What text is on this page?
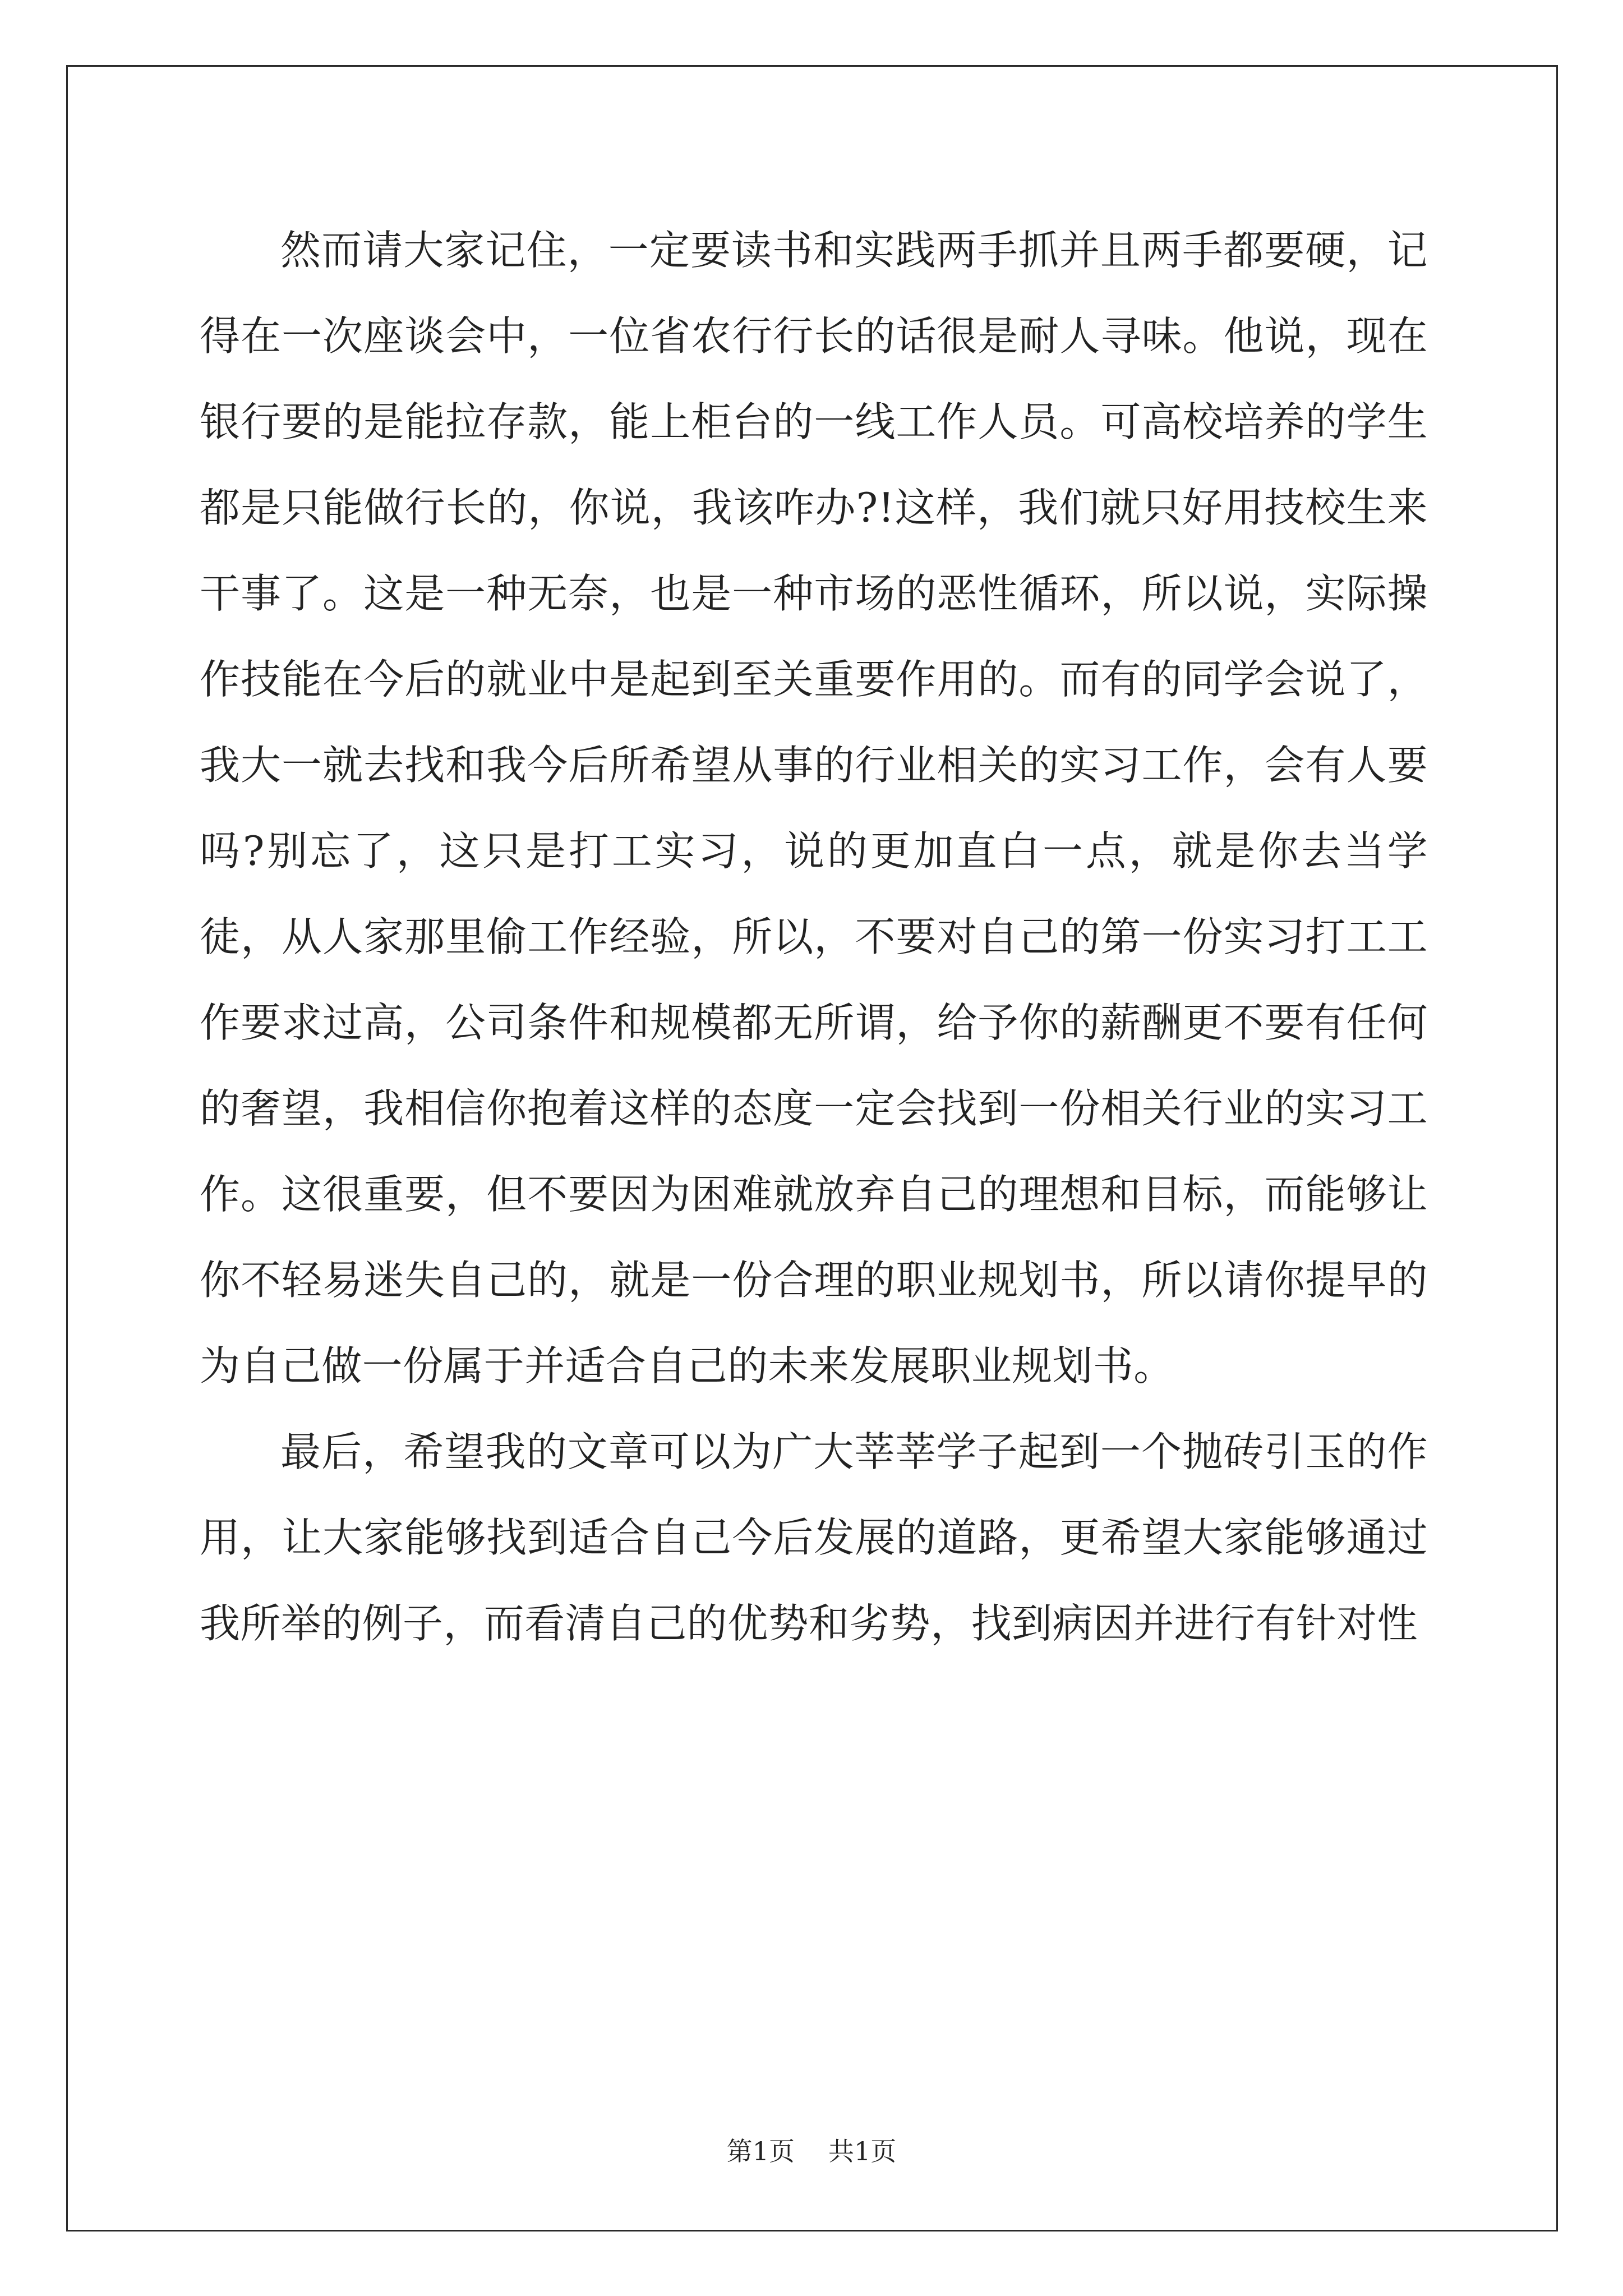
然而请大家记住，一定要读书和实践两手抓并且两手都要硬，记得在一次座谈会中，一位省农行行长的话很是耐人寻味。他说，现在银行要的是能拉存款，能上柜台的一线工作人员。可高校培养的学生都是只能做行长的，你说，我该咋办?!这样，我们就只好用技校生来干事了。这是一种无奈，也是一种市场的恶性循环，所以说，实际操作技能在今后的就业中是起到至关重要作用的。而有的同学会说了，我大一就去找和我今后所希望从事的行业相关的实习工作，会有人要吗?别忘了，这只是打工实习，说的更加直白一点，就是你去当学徒，从人家那里偷工作经验，所以，不要对自己的第一份实习打工工作要求过高，公司条件和规模都无所谓，给予你的薪酬更不要有任何的奢望，我相信你抱着这样的态度一定会找到一份相关行业的实习工作。这很重要，但不要因为困难就放弃自己的理想和目标，而能够让你不轻易迷失自己的，就是一份合理的职业规划书，所以请你提早的为自己做一份属于并适合自己的未来发展职业规划书。

最后，希望我的文章可以为广大莘莘学子起到一个抛砖引玉的作用，让大家能够找到适合自己今后发展的道路，更希望大家能够通过我所举的例子，而看清自己的优势和劣势，找到病因并进行有针对性

第1页 共1页
